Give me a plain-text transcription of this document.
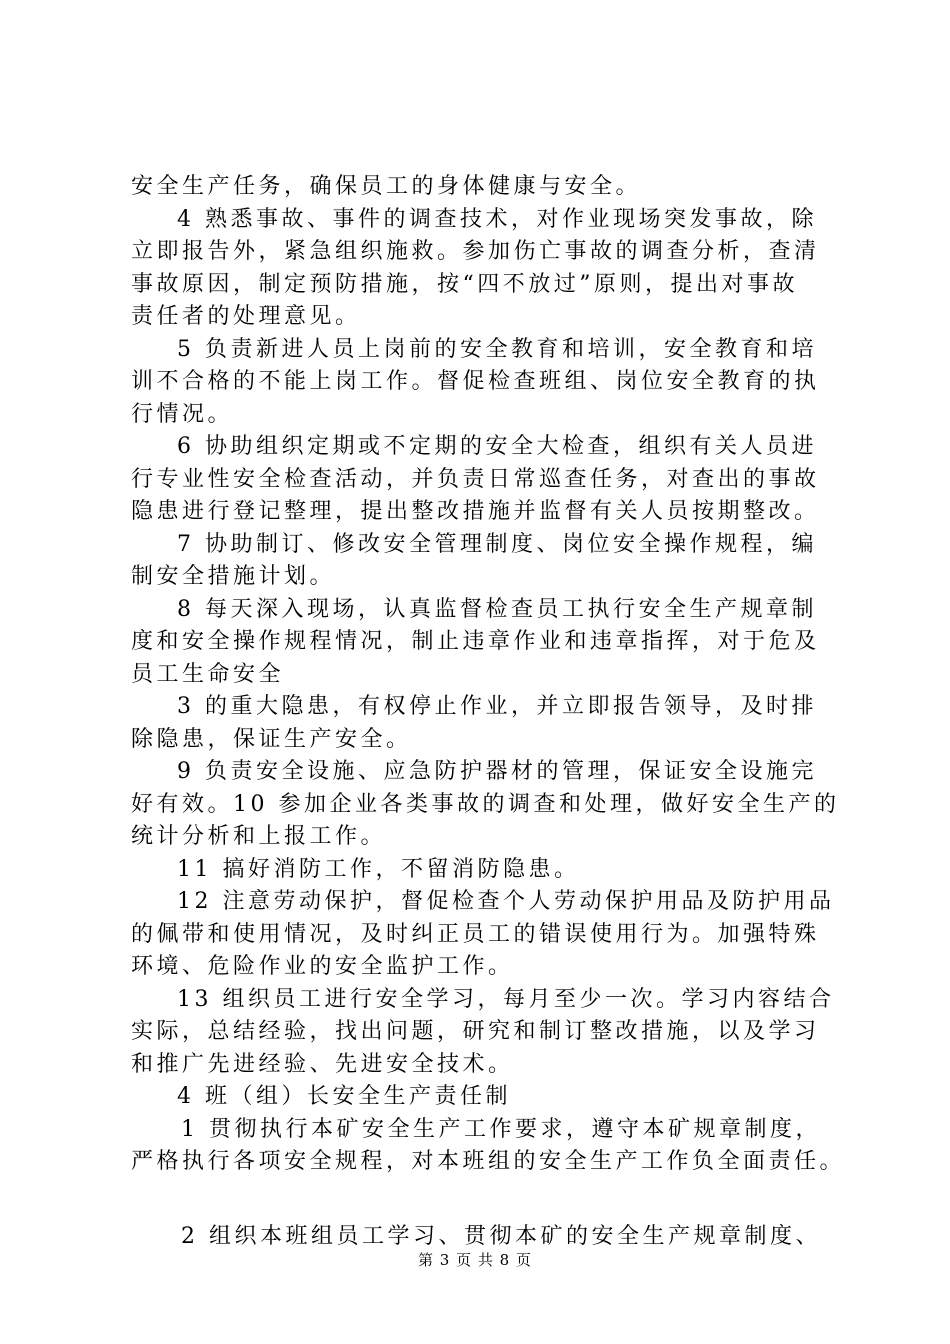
安全生产任务，确保员工的身体健康与安全。
4 熟悉事故、事件的调查技术，对作业现场突发事故，除
立即报告外，紧急组织施救。参加伤亡事故的调查分析，查清
事故原因，制定预防措施，按“四不放过”原则，提出对事故
责任者的处理意见。
5 负责新进人员上岗前的安全教育和培训，安全教育和培
训不合格的不能上岗工作。督促检查班组、岗位安全教育的执
行情况。
6 协助组织定期或不定期的安全大检查，组织有关人员进
行专业性安全检查活动，并负责日常巡查任务，对查出的事故
隐患进行登记整理，提出整改措施并监督有关人员按期整改。
7 协助制订、修改安全管理制度、岗位安全操作规程，编
制安全措施计划。
8 每天深入现场，认真监督检查员工执行安全生产规章制
度和安全操作规程情况，制止违章作业和违章指挥，对于危及
员工生命安全
3 的重大隐患，有权停止作业，并立即报告领导，及时排
除隐患，保证生产安全。
9 负责安全设施、应急防护器材的管理，保证安全设施完
好有效。10 参加企业各类事故的调查和处理，做好安全生产的
统计分析和上报工作。
11 搞好消防工作，不留消防隐患。
12 注意劳动保护，督促检查个人劳动保护用品及防护用品
的佩带和使用情况，及时纠正员工的错误使用行为。加强特殊
环境、危险作业的安全监护工作。
13 组织员工进行安全学习，每月至少一次。学习内容结合
实际，总结经验，找出问题，研究和制订整改措施，以及学习
和推广先进经验、先进安全技术。
4 班（组）长安全生产责任制
1 贯彻执行本矿安全生产工作要求，遵守本矿规章制度，
严格执行各项安全规程，对本班组的安全生产工作负全面责任。
2 组织本班组员工学习、贯彻本矿的安全生产规章制度、
第 3 页 共 8 页
